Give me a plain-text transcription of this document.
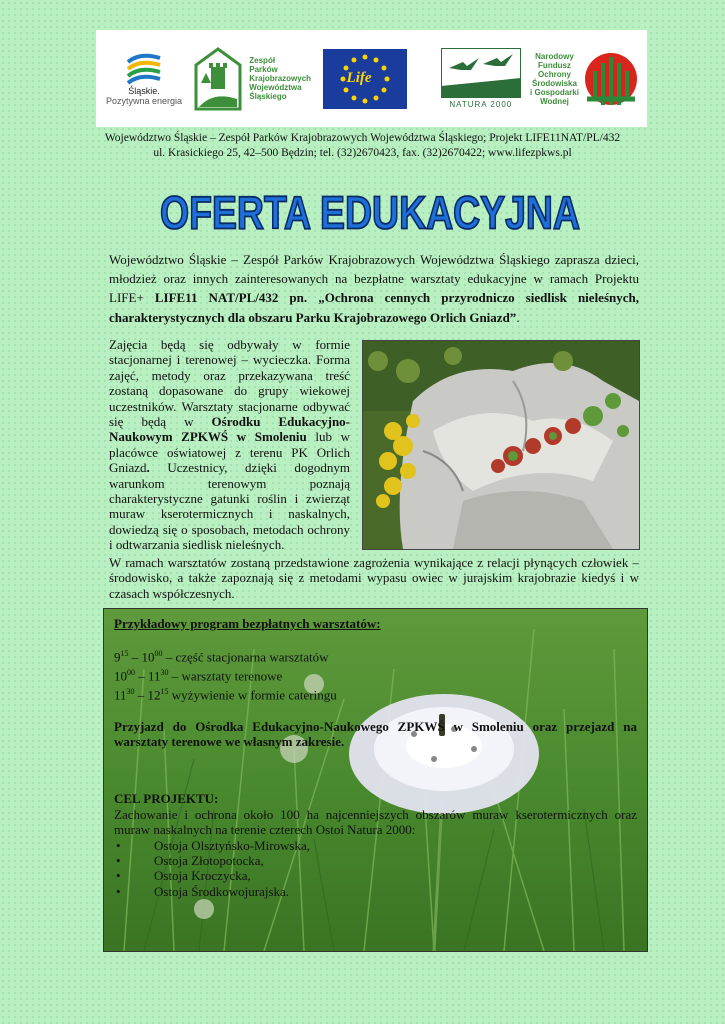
Śląskie.
Pozytywna energia
Zespół
Parków
Krajobrazowych
Województwa
Śląskiego
Life
NATURA 2000
Narodowy
Fundusz
Ochrony
Środowiska
i Gospodarki
Wodnej
Województwo Śląskie – Zespół Parków Krajobrazowych Województwa Śląskiego; Projekt LIFE11NAT/PL/432
ul. Krasickiego 25, 42–500 Będzin; tel. (32)2670423, fax. (32)2670422; www.lifezpkws.pl
OFERTA EDUKACYJNA
Województwo Śląskie – Zespół Parków Krajobrazowych Województwa Śląskiego zaprasza dzieci, młodzież oraz innych zainteresowanych na bezpłatne warsztaty edukacyjne w ramach Projektu LIFE+ LIFE11 NAT/PL/432 pn. „Ochrona cennych przyrodniczo siedlisk nieleśnych, charakterystycznych dla obszaru Parku Krajobrazowego Orlich Gniazd”.
Zajęcia będą się odbywały w formie stacjonarnej i terenowej – wycieczka. Forma zajęć, metody oraz przekazywana treść zostaną dopasowane do grupy wiekowej uczestników. Warsztaty stacjonarne odbywać się będą w Ośrodku Edukacyjno-Naukowym ZPKWŚ w Smoleniu lub w placówce oświatowej z terenu PK Orlich Gniazd. Uczestnicy, dzięki dogodnym warunkom terenowym poznają charakterystyczne gatunki roślin i zwierząt muraw kserotermicznych i naskalnych, dowiedzą się o sposobach, metodach ochrony i odtwarzania siedlisk nieleśnych.
W ramach warsztatów zostaną przedstawione zagrożenia wynikające z relacji płynących człowiek – środowisko, a także zapoznają się z metodami wypasu owiec w jurajskim krajobrazie kiedyś i w czasach współczesnych.
Przykładowy program bezpłatnych warsztatów:
$9^{15} - 10^{00}$ – część stacjonarna warsztatów
$10^{00} - 11^{30}$ – warsztaty terenowe
$11^{30} - 12^{15}$ wyżywienie w formie cateringu
Przyjazd do Ośrodka Edukacyjno-Naukowego ZPKWŚ w Smoleniu oraz przejazd na warsztaty terenowe we własnym zakresie.
CEL PROJEKTU:
Zachowanie i ochrona około 100 ha najcenniejszych obszarów muraw kserotermicznych oraz muraw naskalnych na terenie czterech Ostoi Natura 2000:
• Ostoja Olsztyńsko-Mirowska,
• Ostoja Złotopotocka,
• Ostoja Kroczycka,
• Ostoja Środkowojurajska.
